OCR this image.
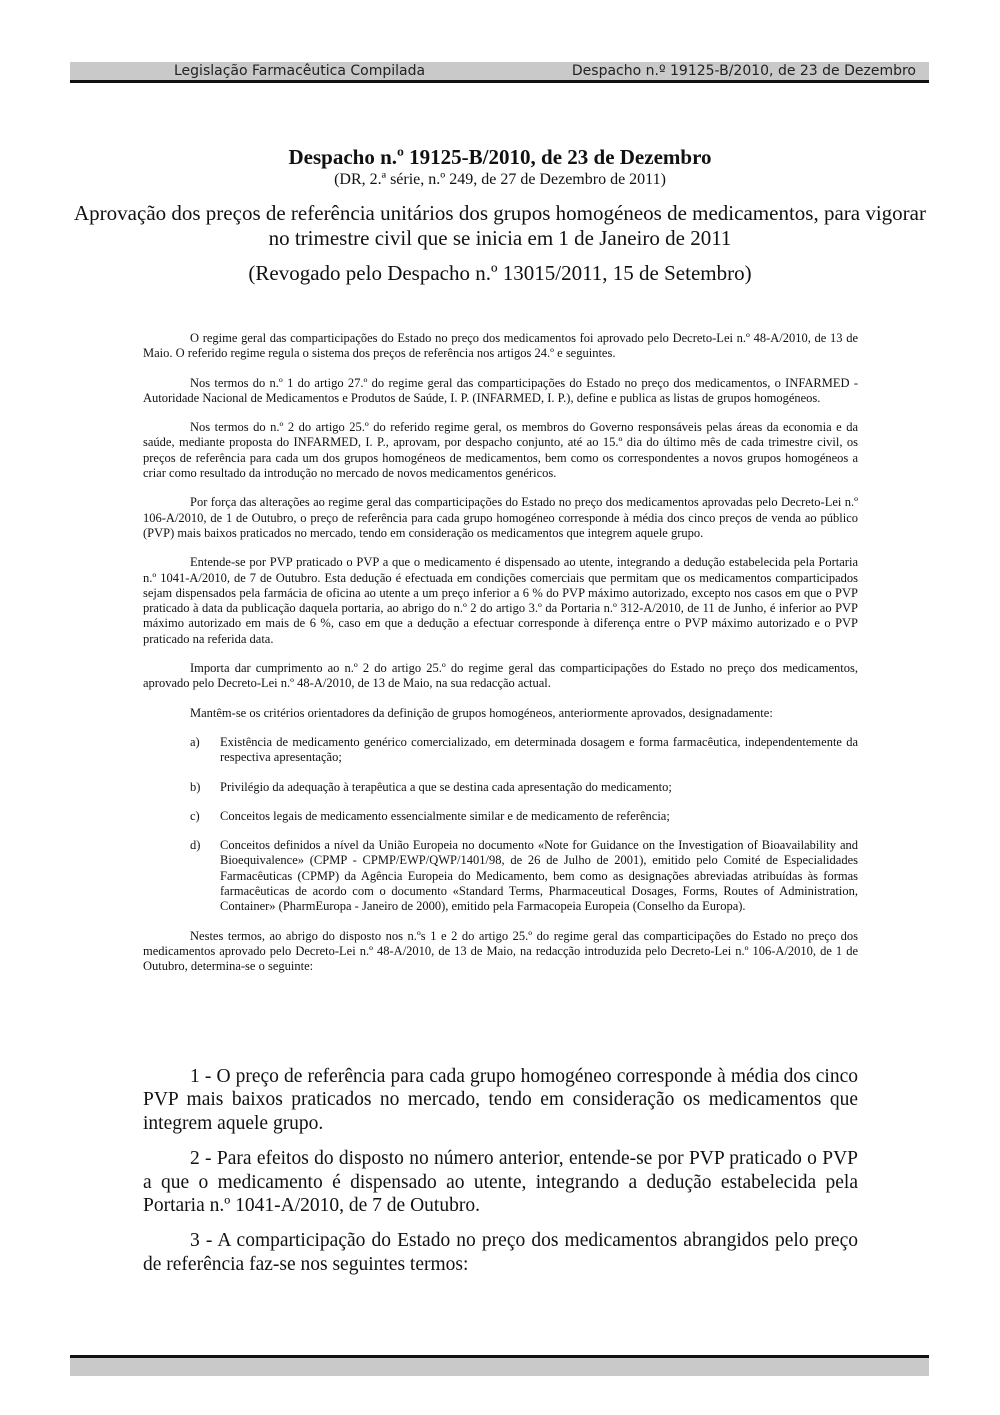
Legislação Farmacêutica Compilada	Despacho n.º 19125-B/2010, de 23 de Dezembro
Despacho n.º 19125-B/2010, de 23 de Dezembro
(DR, 2.ª série, n.º 249, de 27 de Dezembro de 2011)
Aprovação dos preços de referência unitários dos grupos homogéneos de medicamentos, para vigorar no trimestre civil que se inicia em 1 de Janeiro de 2011
(Revogado pelo Despacho n.º 13015/2011, 15 de Setembro)

O regime geral das comparticipações do Estado no preço dos medicamentos foi aprovado pelo Decreto-Lei n.º 48-A/2010, de 13 de Maio. O referido regime regula o sistema dos preços de referência nos artigos 24.º e seguintes.

Nos termos do n.º 1 do artigo 27.º do regime geral das comparticipações do Estado no preço dos medicamentos, o INFARMED - Autoridade Nacional de Medicamentos e Produtos de Saúde, I. P. (INFARMED, I. P.), define e publica as listas de grupos homogéneos.

Nos termos do n.º 2 do artigo 25.º do referido regime geral, os membros do Governo responsáveis pelas áreas da economia e da saúde, mediante proposta do INFARMED, I. P., aprovam, por despacho conjunto, até ao 15.º dia do último mês de cada trimestre civil, os preços de referência para cada um dos grupos homogéneos de medicamentos, bem como os correspondentes a novos grupos homogéneos a criar como resultado da introdução no mercado de novos medicamentos genéricos.

Por força das alterações ao regime geral das comparticipações do Estado no preço dos medicamentos aprovadas pelo Decreto-Lei n.º 106-A/2010, de 1 de Outubro, o preço de referência para cada grupo homogéneo corresponde à média dos cinco preços de venda ao público (PVP) mais baixos praticados no mercado, tendo em consideração os medicamentos que integrem aquele grupo.

Entende-se por PVP praticado o PVP a que o medicamento é dispensado ao utente, integrando a dedução estabelecida pela Portaria n.º 1041-A/2010, de 7 de Outubro. Esta dedução é efectuada em condições comerciais que permitam que os medicamentos comparticipados sejam dispensados pela farmácia de oficina ao utente a um preço inferior a 6 % do PVP máximo autorizado, excepto nos casos em que o PVP praticado à data da publicação daquela portaria, ao abrigo do n.º 2 do artigo 3.º da Portaria n.º 312-A/2010, de 11 de Junho, é inferior ao PVP máximo autorizado em mais de 6 %, caso em que a dedução a efectuar corresponde à diferença entre o PVP máximo autorizado e o PVP praticado na referida data.

Importa dar cumprimento ao n.º 2 do artigo 25.º do regime geral das comparticipações do Estado no preço dos medicamentos, aprovado pelo Decreto-Lei n.º 48-A/2010, de 13 de Maio, na sua redacção actual.

Mantêm-se os critérios orientadores da definição de grupos homogéneos, anteriormente aprovados, designadamente:

a) Existência de medicamento genérico comercializado, em determinada dosagem e forma farmacêutica, independentemente da respectiva apresentação;
b) Privilégio da adequação à terapêutica a que se destina cada apresentação do medicamento;
c) Conceitos legais de medicamento essencialmente similar e de medicamento de referência;
d) Conceitos definidos a nível da União Europeia no documento «Note for Guidance on the Investigation of Bioavailability and Bioequivalence» (CPMP - CPMP/EWP/QWP/1401/98, de 26 de Julho de 2001), emitido pelo Comité de Especialidades Farmacêuticas (CPMP) da Agência Europeia do Medicamento, bem como as designações abreviadas atribuídas às formas farmacêuticas de acordo com o documento «Standard Terms, Pharmaceutical Dosages, Forms, Routes of Administration, Container» (PharmEuropa - Janeiro de 2000), emitido pela Farmacopeia Europeia (Conselho da Europa).

Nestes termos, ao abrigo do disposto nos n.ºs 1 e 2 do artigo 25.º do regime geral das comparticipações do Estado no preço dos medicamentos aprovado pelo Decreto-Lei n.º 48-A/2010, de 13 de Maio, na redacção introduzida pelo Decreto-Lei n.º 106-A/2010, de 1 de Outubro, determina-se o seguinte:

1 - O preço de referência para cada grupo homogéneo corresponde à média dos cinco PVP mais baixos praticados no mercado, tendo em consideração os medicamentos que integrem aquele grupo.

2 - Para efeitos do disposto no número anterior, entende-se por PVP praticado o PVP a que o medicamento é dispensado ao utente, integrando a dedução estabelecida pela Portaria n.º 1041-A/2010, de 7 de Outubro.

3 - A comparticipação do Estado no preço dos medicamentos abrangidos pelo preço de referência faz-se nos seguintes termos:
